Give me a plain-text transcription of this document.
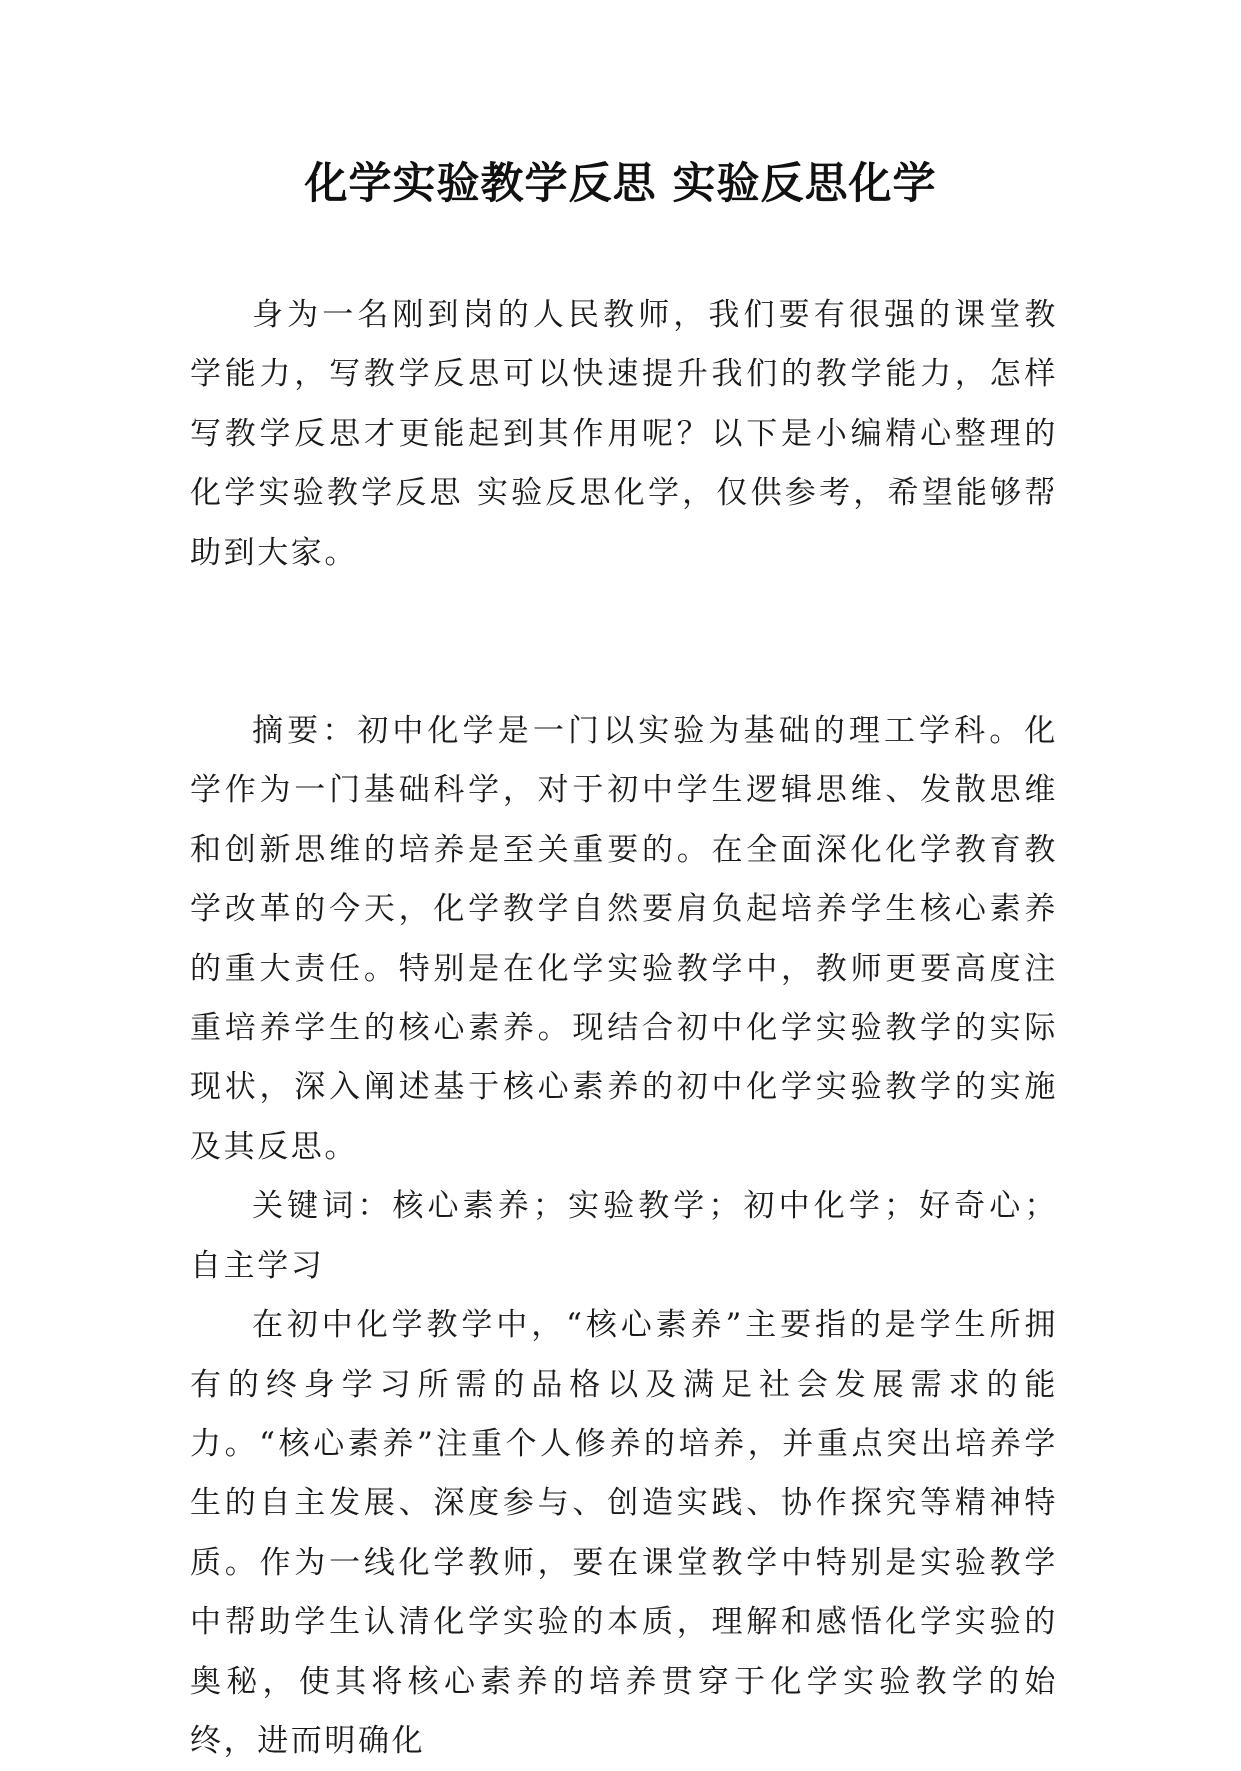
化学实验教学反思 实验反思化学

身为一名刚到岗的人民教师，我们要有很强的课堂教学能力，写教学反思可以快速提升我们的教学能力，怎样写教学反思才更能起到其作用呢？以下是小编精心整理的化学实验教学反思 实验反思化学，仅供参考，希望能够帮助到大家。

摘要：初中化学是一门以实验为基础的理工学科。化学作为一门基础科学，对于初中学生逻辑思维、发散思维和创新思维的培养是至关重要的。在全面深化化学教育教学改革的今天，化学教学自然要肩负起培养学生核心素养的重大责任。特别是在化学实验教学中，教师更要高度注重培养学生的核心素养。现结合初中化学实验教学的实际现状，深入阐述基于核心素养的初中化学实验教学的实施及其反思。

关键词：核心素养；实验教学；初中化学；好奇心；自主学习

在初中化学教学中，“核心素养”主要指的是学生所拥有的终身学习所需的品格以及满足社会发展需求的能力。“核心素养”注重个人修养的培养，并重点突出培养学生的自主发展、深度参与、创造实践、协作探究等精神特质。作为一线化学教师，要在课堂教学中特别是实验教学中帮助学生认清化学实验的本质，理解和感悟化学实验的奥秘，使其将核心素养的培养贯穿于化学实验教学的始终，进而明确化
